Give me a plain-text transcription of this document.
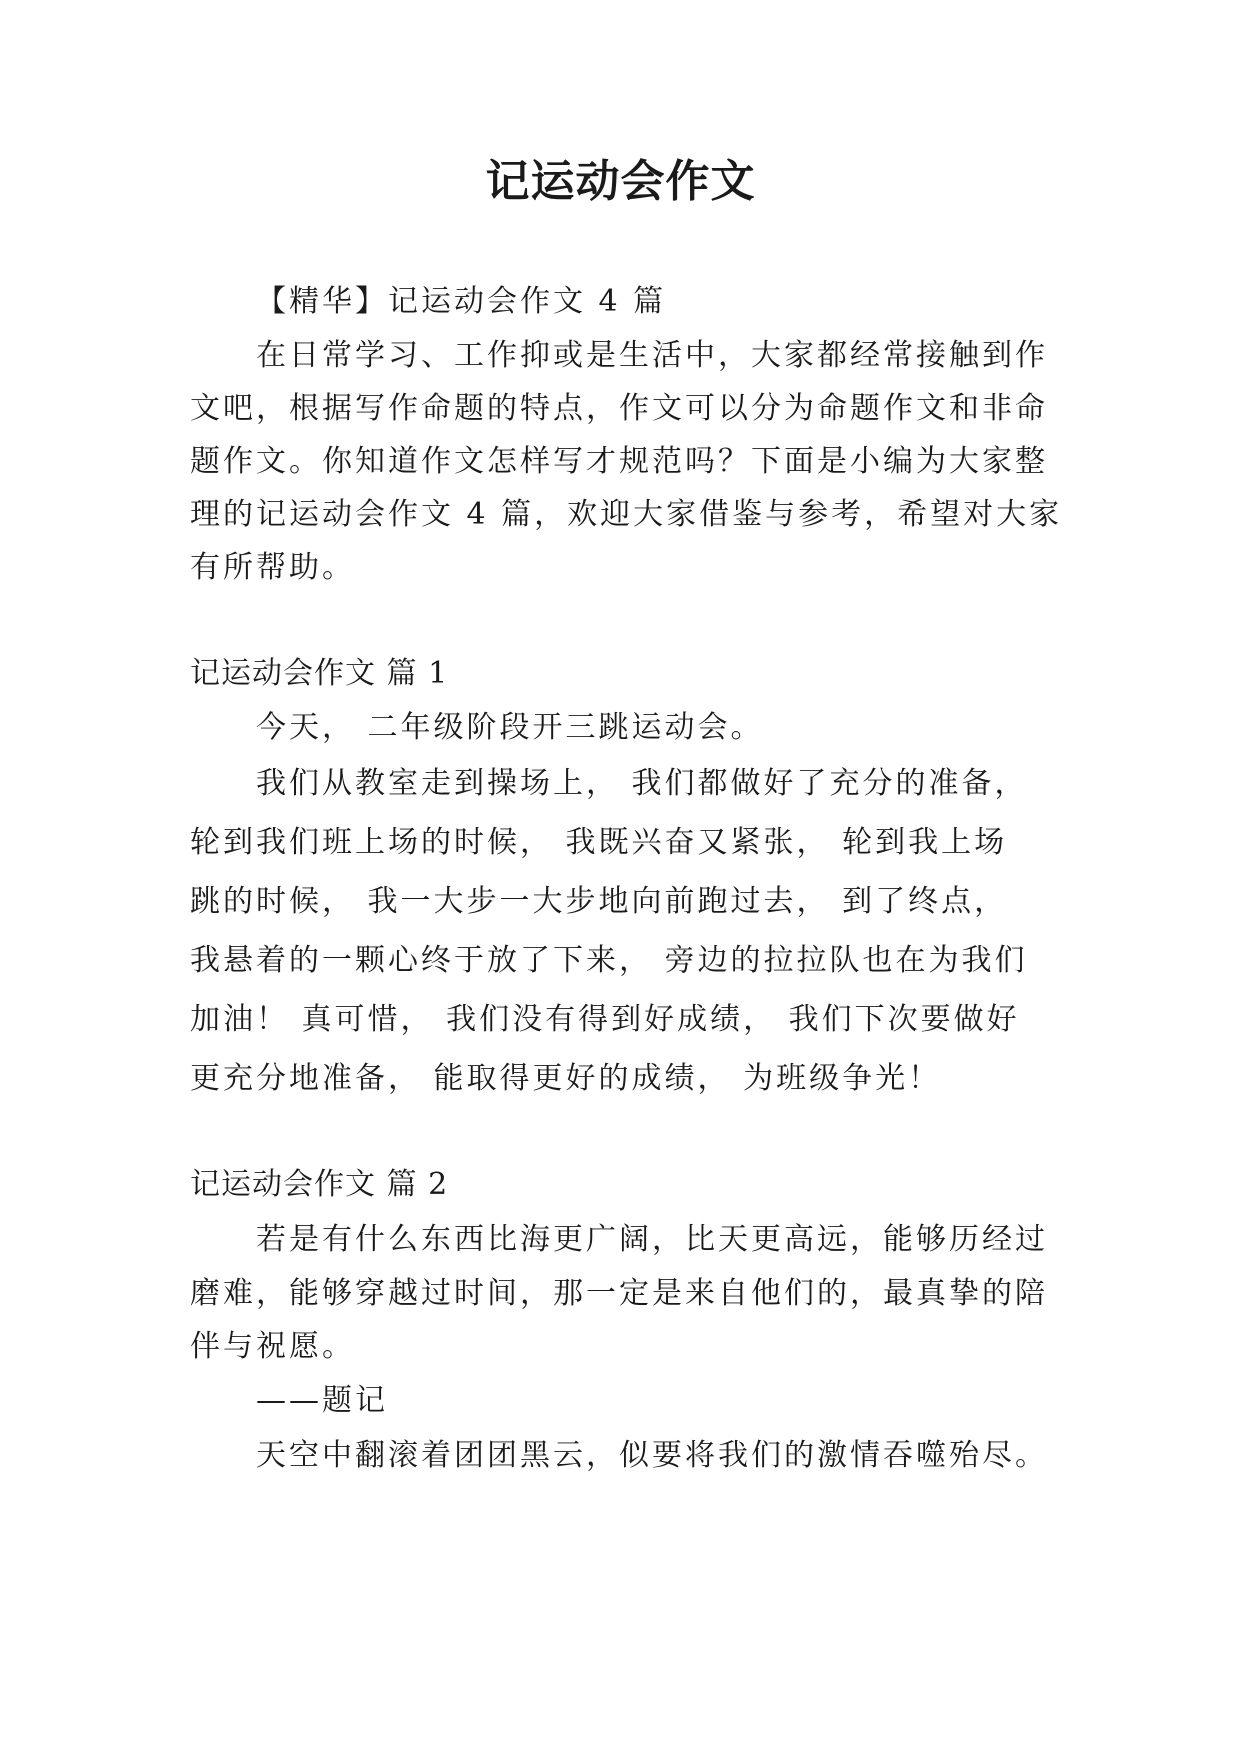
记运动会作文
【精华】记运动会作文 4 篇
在日常学习、工作抑或是生活中，大家都经常接触到作
文吧，根据写作命题的特点，作文可以分为命题作文和非命
题作文。你知道作文怎样写才规范吗？下面是小编为大家整
理的记运动会作文 4 篇，欢迎大家借鉴与参考，希望对大家
有所帮助。
记运动会作文 篇 1
今天， 二年级阶段开三跳运动会。
我们从教室走到操场上， 我们都做好了充分的准备，
轮到我们班上场的时候， 我既兴奋又紧张， 轮到我上场
跳的时候， 我一大步一大步地向前跑过去， 到了终点，
我悬着的一颗心终于放了下来， 旁边的拉拉队也在为我们
加油！ 真可惜， 我们没有得到好成绩， 我们下次要做好
更充分地准备， 能取得更好的成绩， 为班级争光！
记运动会作文 篇 2
若是有什么东西比海更广阔，比天更高远，能够历经过
磨难，能够穿越过时间，那一定是来自他们的，最真挚的陪
伴与祝愿。
——题记
天空中翻滚着团团黑云，似要将我们的激情吞噬殆尽。
